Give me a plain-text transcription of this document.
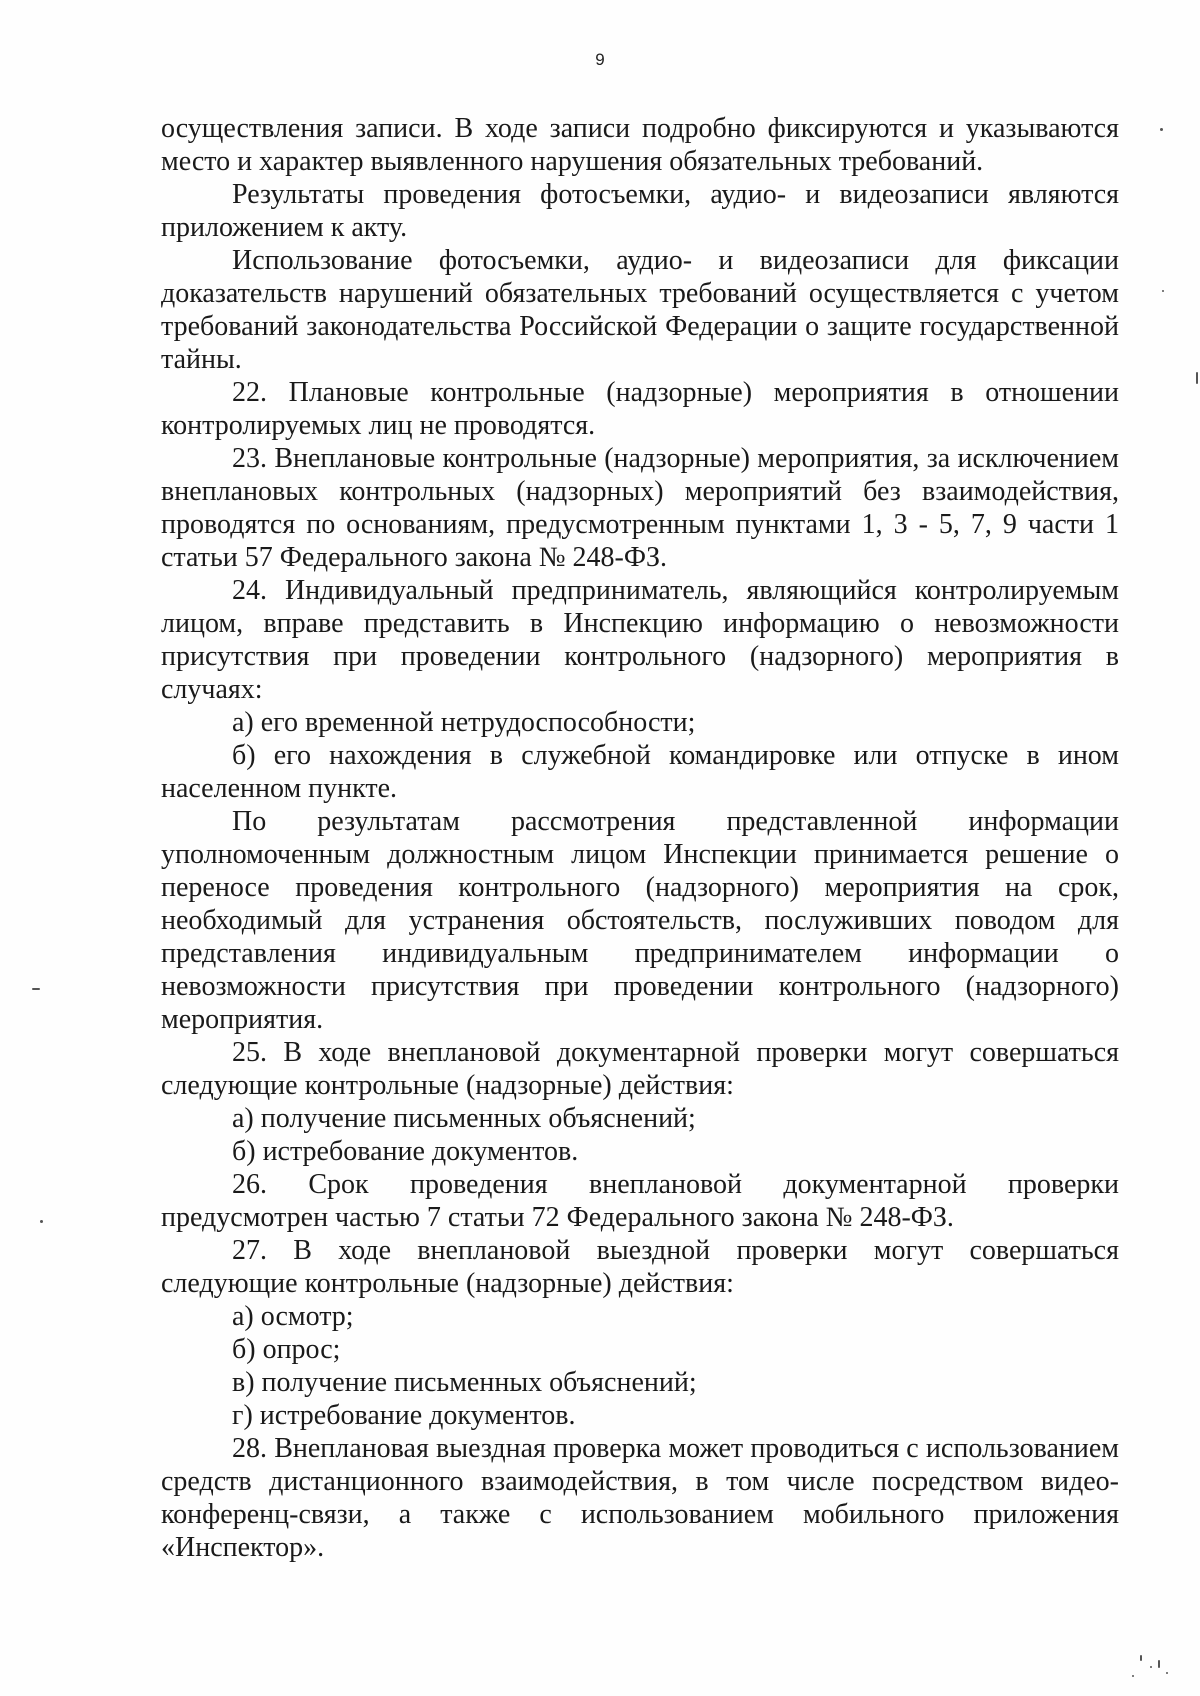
9

осуществления записи. В ходе записи подробно фиксируются и указываются место и характер выявленного нарушения обязательных требований.

Результаты проведения фотосъемки, аудио- и видеозаписи являются приложением к акту.

Использование фотосъемки, аудио- и видеозаписи для фиксации доказательств нарушений обязательных требований осуществляется с учетом требований законодательства Российской Федерации о защите государственной тайны.

22. Плановые контрольные (надзорные) мероприятия в отношении контролируемых лиц не проводятся.

23. Внеплановые контрольные (надзорные) мероприятия, за исключением внеплановых контрольных (надзорных) мероприятий без взаимодействия, проводятся по основаниям, предусмотренным пунктами 1, 3 - 5, 7, 9 части 1 статьи 57 Федерального закона № 248-ФЗ.

24. Индивидуальный предприниматель, являющийся контролируемым лицом, вправе представить в Инспекцию информацию о невозможности присутствия при проведении контрольного (надзорного) мероприятия в случаях:

а) его временной нетрудоспособности;

б) его нахождения в служебной командировке или отпуске в ином населенном пункте.

По результатам рассмотрения представленной информации уполномоченным должностным лицом Инспекции принимается решение о переносе проведения контрольного (надзорного) мероприятия на срок, необходимый для устранения обстоятельств, послуживших поводом для представления индивидуальным предпринимателем информации о невозможности присутствия при проведении контрольного (надзорного) мероприятия.

25. В ходе внеплановой документарной проверки могут совершаться следующие контрольные (надзорные) действия:

а) получение письменных объяснений;

б) истребование документов.

26. Срок проведения внеплановой документарной проверки предусмотрен частью 7 статьи 72 Федерального закона № 248-ФЗ.

27. В ходе внеплановой выездной проверки могут совершаться следующие контрольные (надзорные) действия:

а) осмотр;

б) опрос;

в) получение письменных объяснений;

г) истребование документов.

28. Внеплановая выездная проверка может проводиться с использованием средств дистанционного взаимодействия, в том числе посредством видео-конференц-связи, а также с использованием мобильного приложения «Инспектор».
